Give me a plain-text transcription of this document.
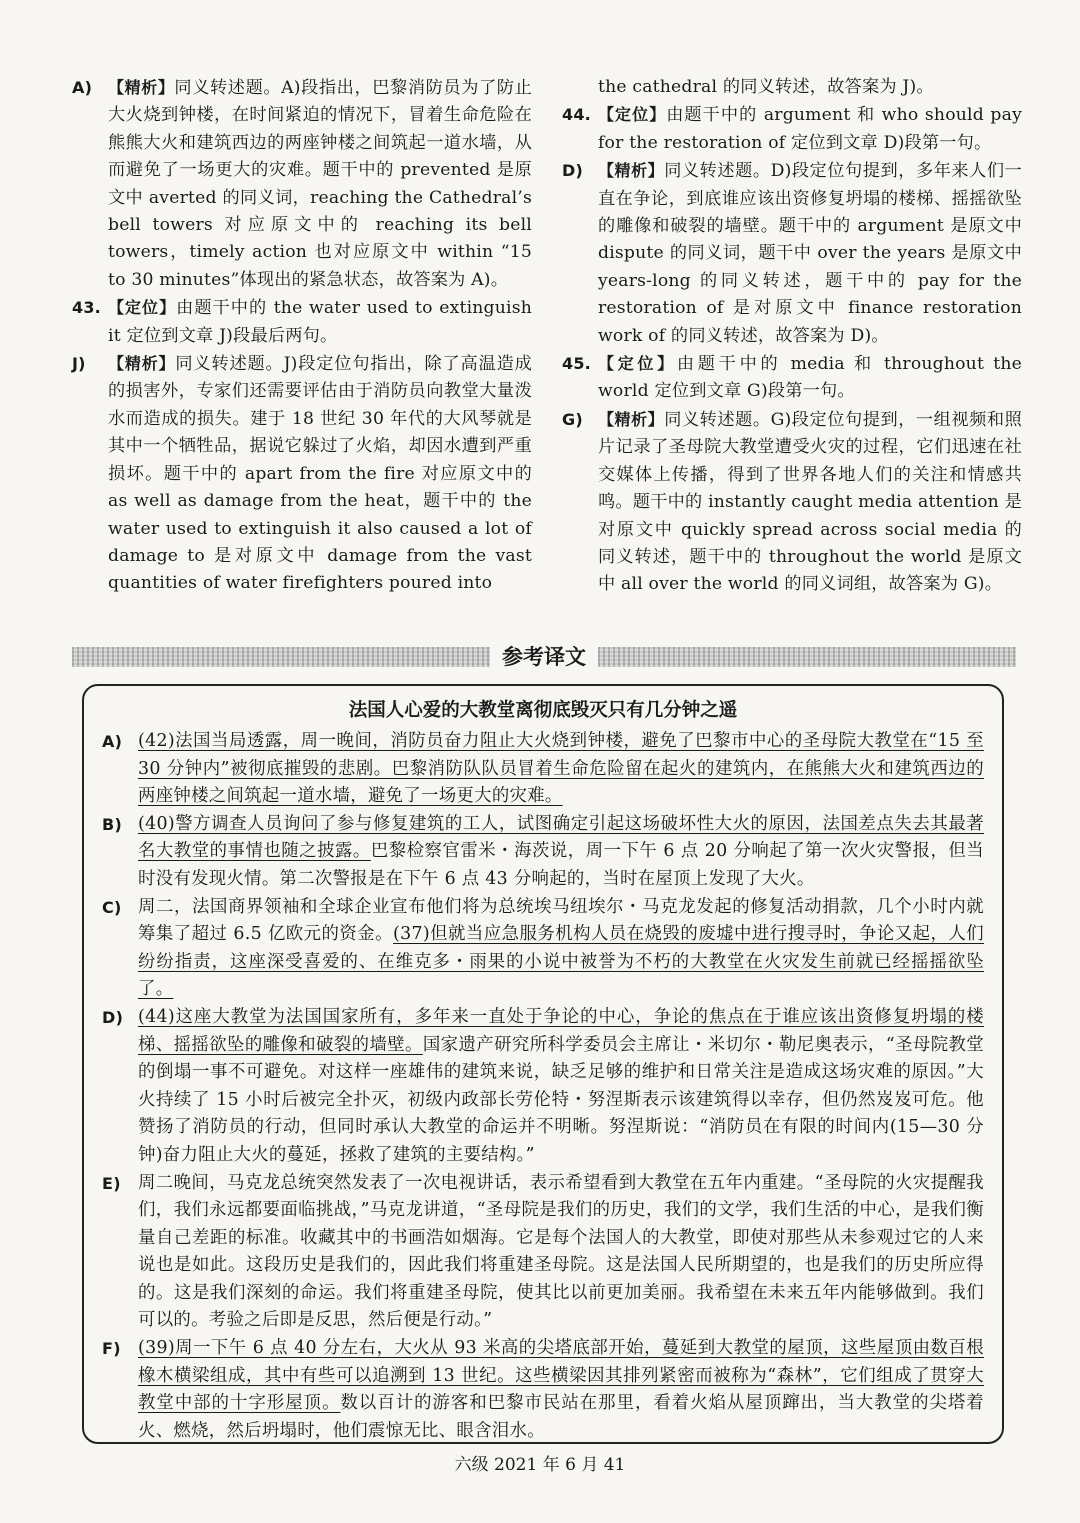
A) 【精析】同义转述题。A)段指出，巴黎消防员为了防止大火烧到钟楼，在时间紧迫的情况下，冒着生命危险在熊熊大火和建筑西边的两座钟楼之间筑起一道水墙，从而避免了一场更大的灾难。题干中的 prevented 是原文中 averted 的同义词，reaching the Cathedral’s bell towers 对应原文中的 reaching its bell towers，timely action 也对应原文中 within “15 to 30 minutes”体现出的紧急状态，故答案为 A)。
43. 【定位】由题干中的 the water used to extinguish it 定位到文章 J)段最后两句。
J) 【精析】同义转述题。J)段定位句指出，除了高温造成的损害外，专家们还需要评估由于消防员向教堂大量泼水而造成的损失。建于 18 世纪 30 年代的大风琴就是其中一个牺牲品，据说它躲过了火焰，却因水遭到严重损坏。题干中的 apart from the fire 对应原文中的 as well as damage from the heat，题干中的 the water used to extinguish it also caused a lot of damage to 是对原文中 damage from the vast quantities of water firefighters poured into
the cathedral 的同义转述，故答案为 J)。
44. 【定位】由题干中的 argument 和 who should pay for the restoration of 定位到文章 D)段第一句。
D) 【精析】同义转述题。D)段定位句提到，多年来人们一直在争论，到底谁应该出资修复坍塌的楼梯、摇摇欲坠的雕像和破裂的墙壁。题干中的 argument 是原文中 dispute 的同义词，题干中 over the years 是原文中 years-long 的同义转述，题干中的 pay for the restoration of 是对原文中 finance restoration work of 的同义转述，故答案为 D)。
45. 【定位】由题干中的 media 和 throughout the world 定位到文章 G)段第一句。
G) 【精析】同义转述题。G)段定位句提到，一组视频和照片记录了圣母院大教堂遭受火灾的过程，它们迅速在社交媒体上传播，得到了世界各地人们的关注和情感共鸣。题干中的 instantly caught media attention 是对原文中 quickly spread across social media 的同义转述，题干中的 throughout the world 是原文中 all over the world 的同义词组，故答案为 G)。
参考译文
法国人心爱的大教堂离彻底毁灭只有几分钟之遥
A) (42)法国当局透露，周一晚间，消防员奋力阻止大火烧到钟楼，避免了巴黎市中心的圣母院大教堂在“15 至 30 分钟内”被彻底摧毁的悲剧。巴黎消防队队员冒着生命危险留在起火的建筑内，在熊熊大火和建筑西边的两座钟楼之间筑起一道水墙，避免了一场更大的灾难。
B) (40)警方调查人员询问了参与修复建筑的工人，试图确定引起这场破坏性大火的原因，法国差点失去其最著名大教堂的事情也随之披露。巴黎检察官雷米・海茨说，周一下午 6 点 20 分响起了第一次火灾警报，但当时没有发现火情。第二次警报是在下午 6 点 43 分响起的，当时在屋顶上发现了大火。
C) 周二，法国商界领袖和全球企业宣布他们将为总统埃马纽埃尔・马克龙发起的修复活动捐款，几个小时内就筹集了超过 6.5 亿欧元的资金。(37)但就当应急服务机构人员在烧毁的废墟中进行搜寻时，争论又起，人们纷纷指责，这座深受喜爱的、在维克多・雨果的小说中被誉为不朽的大教堂在火灾发生前就已经摇摇欲坠了。
D) (44)这座大教堂为法国国家所有，多年来一直处于争论的中心，争论的焦点在于谁应该出资修复坍塌的楼梯、摇摇欲坠的雕像和破裂的墙壁。国家遗产研究所科学委员会主席让・米切尔・勒尼奥表示，“圣母院教堂的倒塌一事不可避免。对这样一座雄伟的建筑来说，缺乏足够的维护和日常关注是造成这场灾难的原因。”大火持续了 15 小时后被完全扑灭，初级内政部长劳伦特・努涅斯表示该建筑得以幸存，但仍然岌岌可危。他赞扬了消防员的行动，但同时承认大教堂的命运并不明晰。努涅斯说：“消防员在有限的时间内(15—30 分钟)奋力阻止大火的蔓延，拯救了建筑的主要结构。”
E) 周二晚间，马克龙总统突然发表了一次电视讲话，表示希望看到大教堂在五年内重建。“圣母院的火灾提醒我们，我们永远都要面临挑战，”马克龙讲道，“圣母院是我们的历史，我们的文学，我们生活的中心，是我们衡量自己差距的标准。收藏其中的书画浩如烟海。它是每个法国人的大教堂，即使对那些从未参观过它的人来说也是如此。这段历史是我们的，因此我们将重建圣母院。这是法国人民所期望的，也是我们的历史所应得的。这是我们深刻的命运。我们将重建圣母院，使其比以前更加美丽。我希望在未来五年内能够做到。我们可以的。考验之后即是反思，然后便是行动。”
F) (39)周一下午 6 点 40 分左右，大火从 93 米高的尖塔底部开始，蔓延到大教堂的屋顶，这些屋顶由数百根橡木横梁组成，其中有些可以追溯到 13 世纪。这些横梁因其排列紧密而被称为“森林”，它们组成了贯穿大教堂中部的十字形屋顶。数以百计的游客和巴黎市民站在那里，看着火焰从屋顶蹿出，当大教堂的尖塔着火、燃烧，然后坍塌时，他们震惊无比、眼含泪水。
六级 2021 年 6 月 41
